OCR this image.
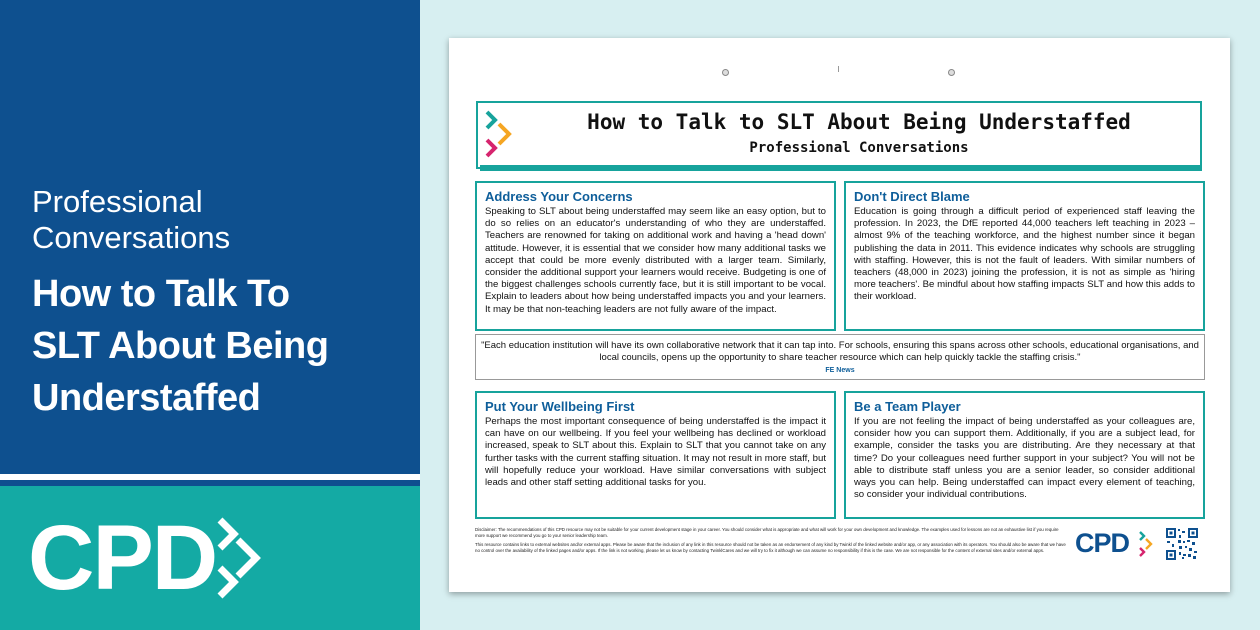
Professional
Conversations
How to Talk To
SLT About Being
Understaffed
CPD
How to Talk to SLT About Being Understaffed
Professional Conversations
Address Your Concerns

Speaking to SLT about being understaffed may seem like an easy option, but to do so relies on an educator's understanding of who they are understaffed. Teachers are renowned for taking on additional work and having a 'head down' attitude. However, it is essential that we consider how many additional tasks we accept that could be more evenly distributed with a larger team. Similarly, consider the additional support your learners would receive. Budgeting is one of the biggest challenges schools currently face, but it is still important to be vocal. Explain to leaders about how being understaffed impacts you and your learners. It may be that non-teaching leaders are not fully aware of the impact.

Don't Direct Blame

Education is going through a difficult period of experienced staff leaving the profession. In 2023, the DfE reported 44,000 teachers left teaching in 2023 – almost 9% of the teaching workforce, and the highest number since it began publishing the data in 2011. This evidence indicates why schools are struggling with staffing. However, this is not the fault of leaders. With similar numbers of teachers (48,000 in 2023) joining the profession, it is not as simple as 'hiring more teachers'. Be mindful about how staffing impacts SLT and how this adds to their workload.

"Each education institution will have its own collaborative network that it can tap into. For schools, ensuring this spans across other schools, educational organisations, and local councils, opens up the opportunity to share teacher resource which can help quickly tackle the staffing crisis."

FE News

Put Your Wellbeing First

Perhaps the most important consequence of being understaffed is the impact it can have on our wellbeing. If you feel your wellbeing has declined or workload increased, speak to SLT about this. Explain to SLT that you cannot take on any further tasks with the current staffing situation. It may not result in more staff, but will hopefully reduce your workload. Have similar conversations with subject leads and other staff setting additional tasks for you.

Be a Team Player

If you are not feeling the impact of being understaffed as your colleagues are, consider how you can support them. Additionally, if you are a subject lead, for example, consider the tasks you are distributing. Are they necessary at that time? Do your colleagues need further support in your subject? You will not be able to distribute staff unless you are a senior leader, so consider additional ways you can help. Being understaffed can impact every element of teaching, so consider your individual contributions.

Disclaimer: The recommendations of this CPD resource may not be suitable for your current development stage in your career. You should consider what is appropriate and what will work for your own development and knowledge. The examples used for lessons are not an exhaustive list if you require more support we recommend you go to your senior leadership team.
This resource contains links to external websites and/or external apps. Please be aware that the inclusion of any link in this resource should not be taken as an endorsement of any kind by Twinkl of the linked website and/or app, or any association with its operators. You should also be aware that we have no control over the availability of the linked pages and/or apps. If the link is not working, please let us know by contacting TwinklCares and we will try to fix it although we can assume no responsibility if this is the case. We are not responsible for the content of external sites and/or external apps.	CPD
